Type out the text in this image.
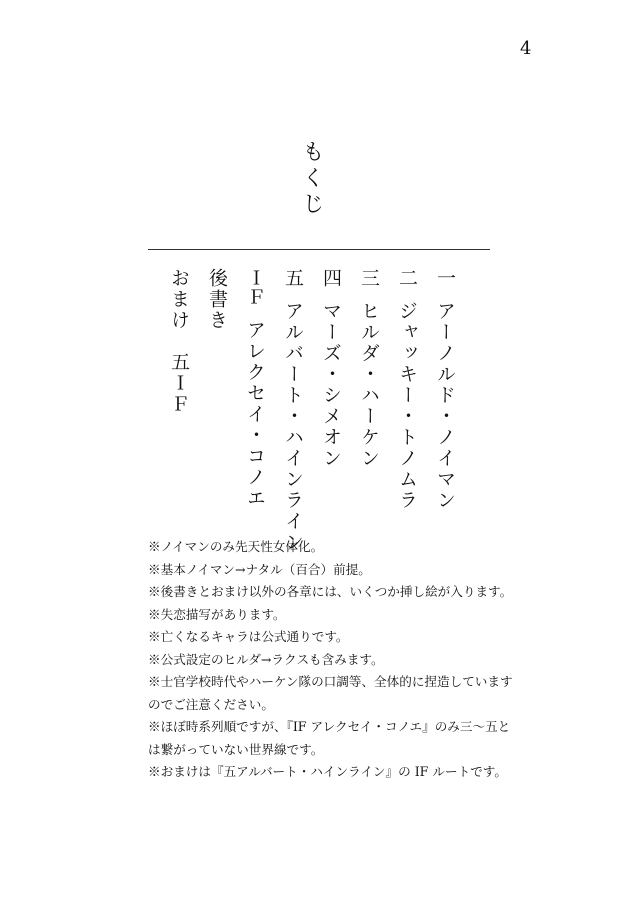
4
もくじ
一
アーノルド・ノイマン
二
ジャッキー・トノムラ
三
ヒルダ・ハーケン
四
マーズ・シメオン
五
アルバート・ハインライン
ＩＦ
アレクセイ・コノエ
後書き
おまけ　五ＩＦ
※ノイマンのみ先天性女体化。
※基本ノイマン→ナタル（百合）前提。
※後書きとおまけ以外の各章には、いくつか挿し絵が入ります。
※失恋描写があります。
※亡くなるキャラは公式通りです。
※公式設定のヒルダ→ラクスも含みます。
※士官学校時代やハーケン隊の口調等、全体的に捏造しています
のでご注意ください。
※ほぼ時系列順ですが、『IF アレクセイ・コノエ』のみ三〜五と
は繋がっていない世界線です。
※おまけは『五アルバート・ハインライン』の IF ルートです。
